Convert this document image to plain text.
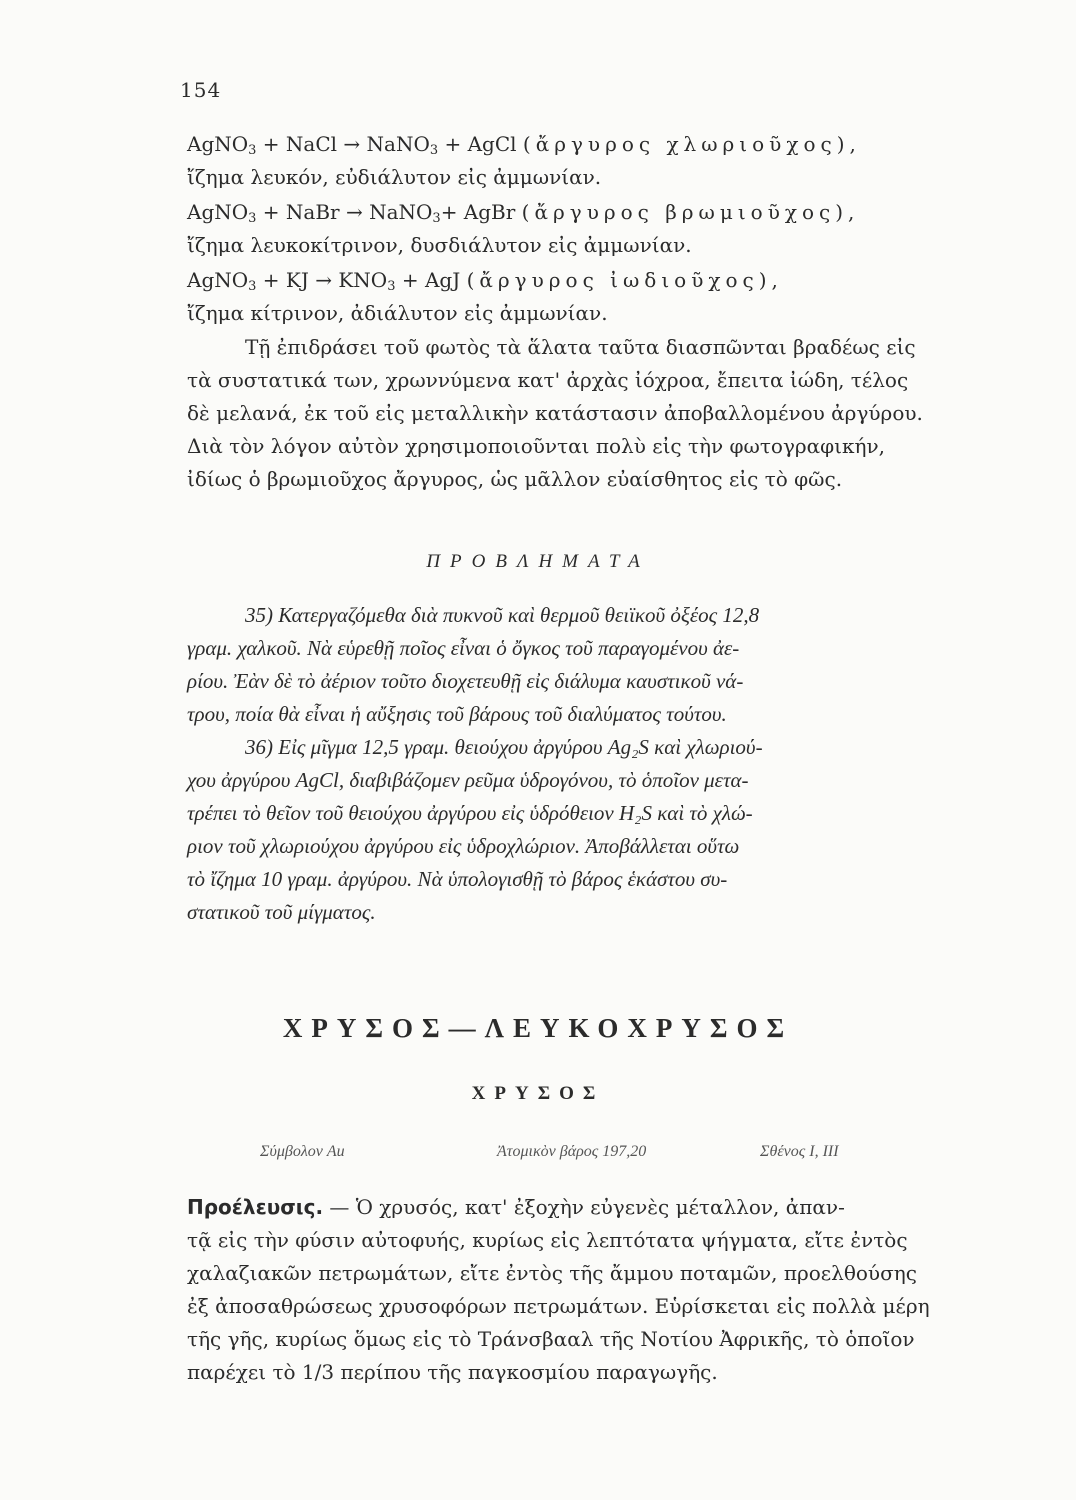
154
AgNO$_3$ + NaCl → NaNO$_3$ + AgCl (ἄργυρος χλωριοῦχος),
ἴζημα λευκόν, εὐδιάλυτον εἰς ἀμμωνίαν.
AgNO$_3$ + NaBr → NaNO$_3$+ AgBr (ἄργυρος βρωμιοῦχος),
ἴζημα λευκοκίτρινον, δυσδιάλυτον εἰς ἀμμωνίαν.
AgNO$_3$ + KJ → $KNO_3$ + AgJ (ἄργυρος ἰωδιοῦχος),
ἴζημα κίτρινον, ἀδιάλυτον εἰς ἀμμωνίαν.
Τῇ ἐπιδράσει τοῦ φωτὸς τὰ ἅλατα ταῦτα διασπῶνται βραδέως εἰς
τὰ συστατικά των, χρωννύμενα κατ' ἀρχὰς ἰόχροα, ἔπειτα ἰώδη, τέλος
δὲ μελανά, ἐκ τοῦ εἰς μεταλλικὴν κατάστασιν ἀποβαλλομένου ἀργύρου.
Διὰ τὸν λόγον αὐτὸν χρησιμοποιοῦνται πολὺ εἰς τὴν φωτογραφικήν,
ἰδίως ὁ βρωμιοῦχος ἄργυρος, ὡς μᾶλλον εὐαίσθητος εἰς τὸ φῶς.
ΠΡΟΒΛΗΜΑΤΑ
35) Κατεργαζόμεθα διὰ πυκνοῦ καὶ θερμοῦ θειϊκοῦ ὀξέος 12,8
γραμ. χαλκοῦ. Νὰ εὑρεθῇ ποῖος εἶναι ὁ ὄγκος τοῦ παραγομένου ἀε-
ρίου. Ἐὰν δὲ τὸ ἀέριον τοῦτο διοχετευθῇ εἰς διάλυμα καυστικοῦ νά-
τρου, ποία θὰ εἶναι ἡ αὔξησις τοῦ βάρους τοῦ διαλύματος τούτου.
36) Εἰς μῖγμα 12,5 γραμ. θειούχου ἀργύρου Ag₂S καὶ χλωριού-
χου ἀργύρου AgCl, διαβιβάζομεν ρεῦμα ὑδρογόνου, τὸ ὁποῖον μετα-
τρέπει τὸ θεῖον τοῦ θειούχου ἀργύρου εἰς ὑδρόθειον H₂S καὶ τὸ χλώ-
ριον τοῦ χλωριούχου ἀργύρου εἰς ὑδροχλώριον. Ἀποβάλλεται οὕτω
τὸ ἴζημα 10 γραμ. ἀργύρου. Νὰ ὑπολογισθῇ τὸ βάρος ἑκάστου συ-
στατικοῦ τοῦ μίγματος.
ΧΡΥΣΟΣ—ΛΕΥΚΟΧΡΥΣΟΣ
ΧΡΥΣΟΣ
Σύμβολον Au	Ἀτομικὸν βάρος 197,20	Σθένος I, III
Προέλευσις. — Ὁ χρυσός, κατ' ἐξοχὴν εὐγενὲς μέταλλον, ἀπαν-
τᾷ εἰς τὴν φύσιν αὐτοφυής, κυρίως εἰς λεπτότατα ψήγματα, εἴτε ἐντὸς
χαλαζιακῶν πετρωμάτων, εἴτε ἐντὸς τῆς ἄμμου ποταμῶν, προελθούσης
ἐξ ἀποσαθρώσεως χρυσοφόρων πετρωμάτων. Εὑρίσκεται εἰς πολλὰ μέρη
τῆς γῆς, κυρίως ὅμως εἰς τὸ Τράνσβααλ τῆς Νοτίου Ἀφρικῆς, τὸ ὁποῖον
παρέχει τὸ 1/3 περίπου τῆς παγκοσμίου παραγωγῆς.
